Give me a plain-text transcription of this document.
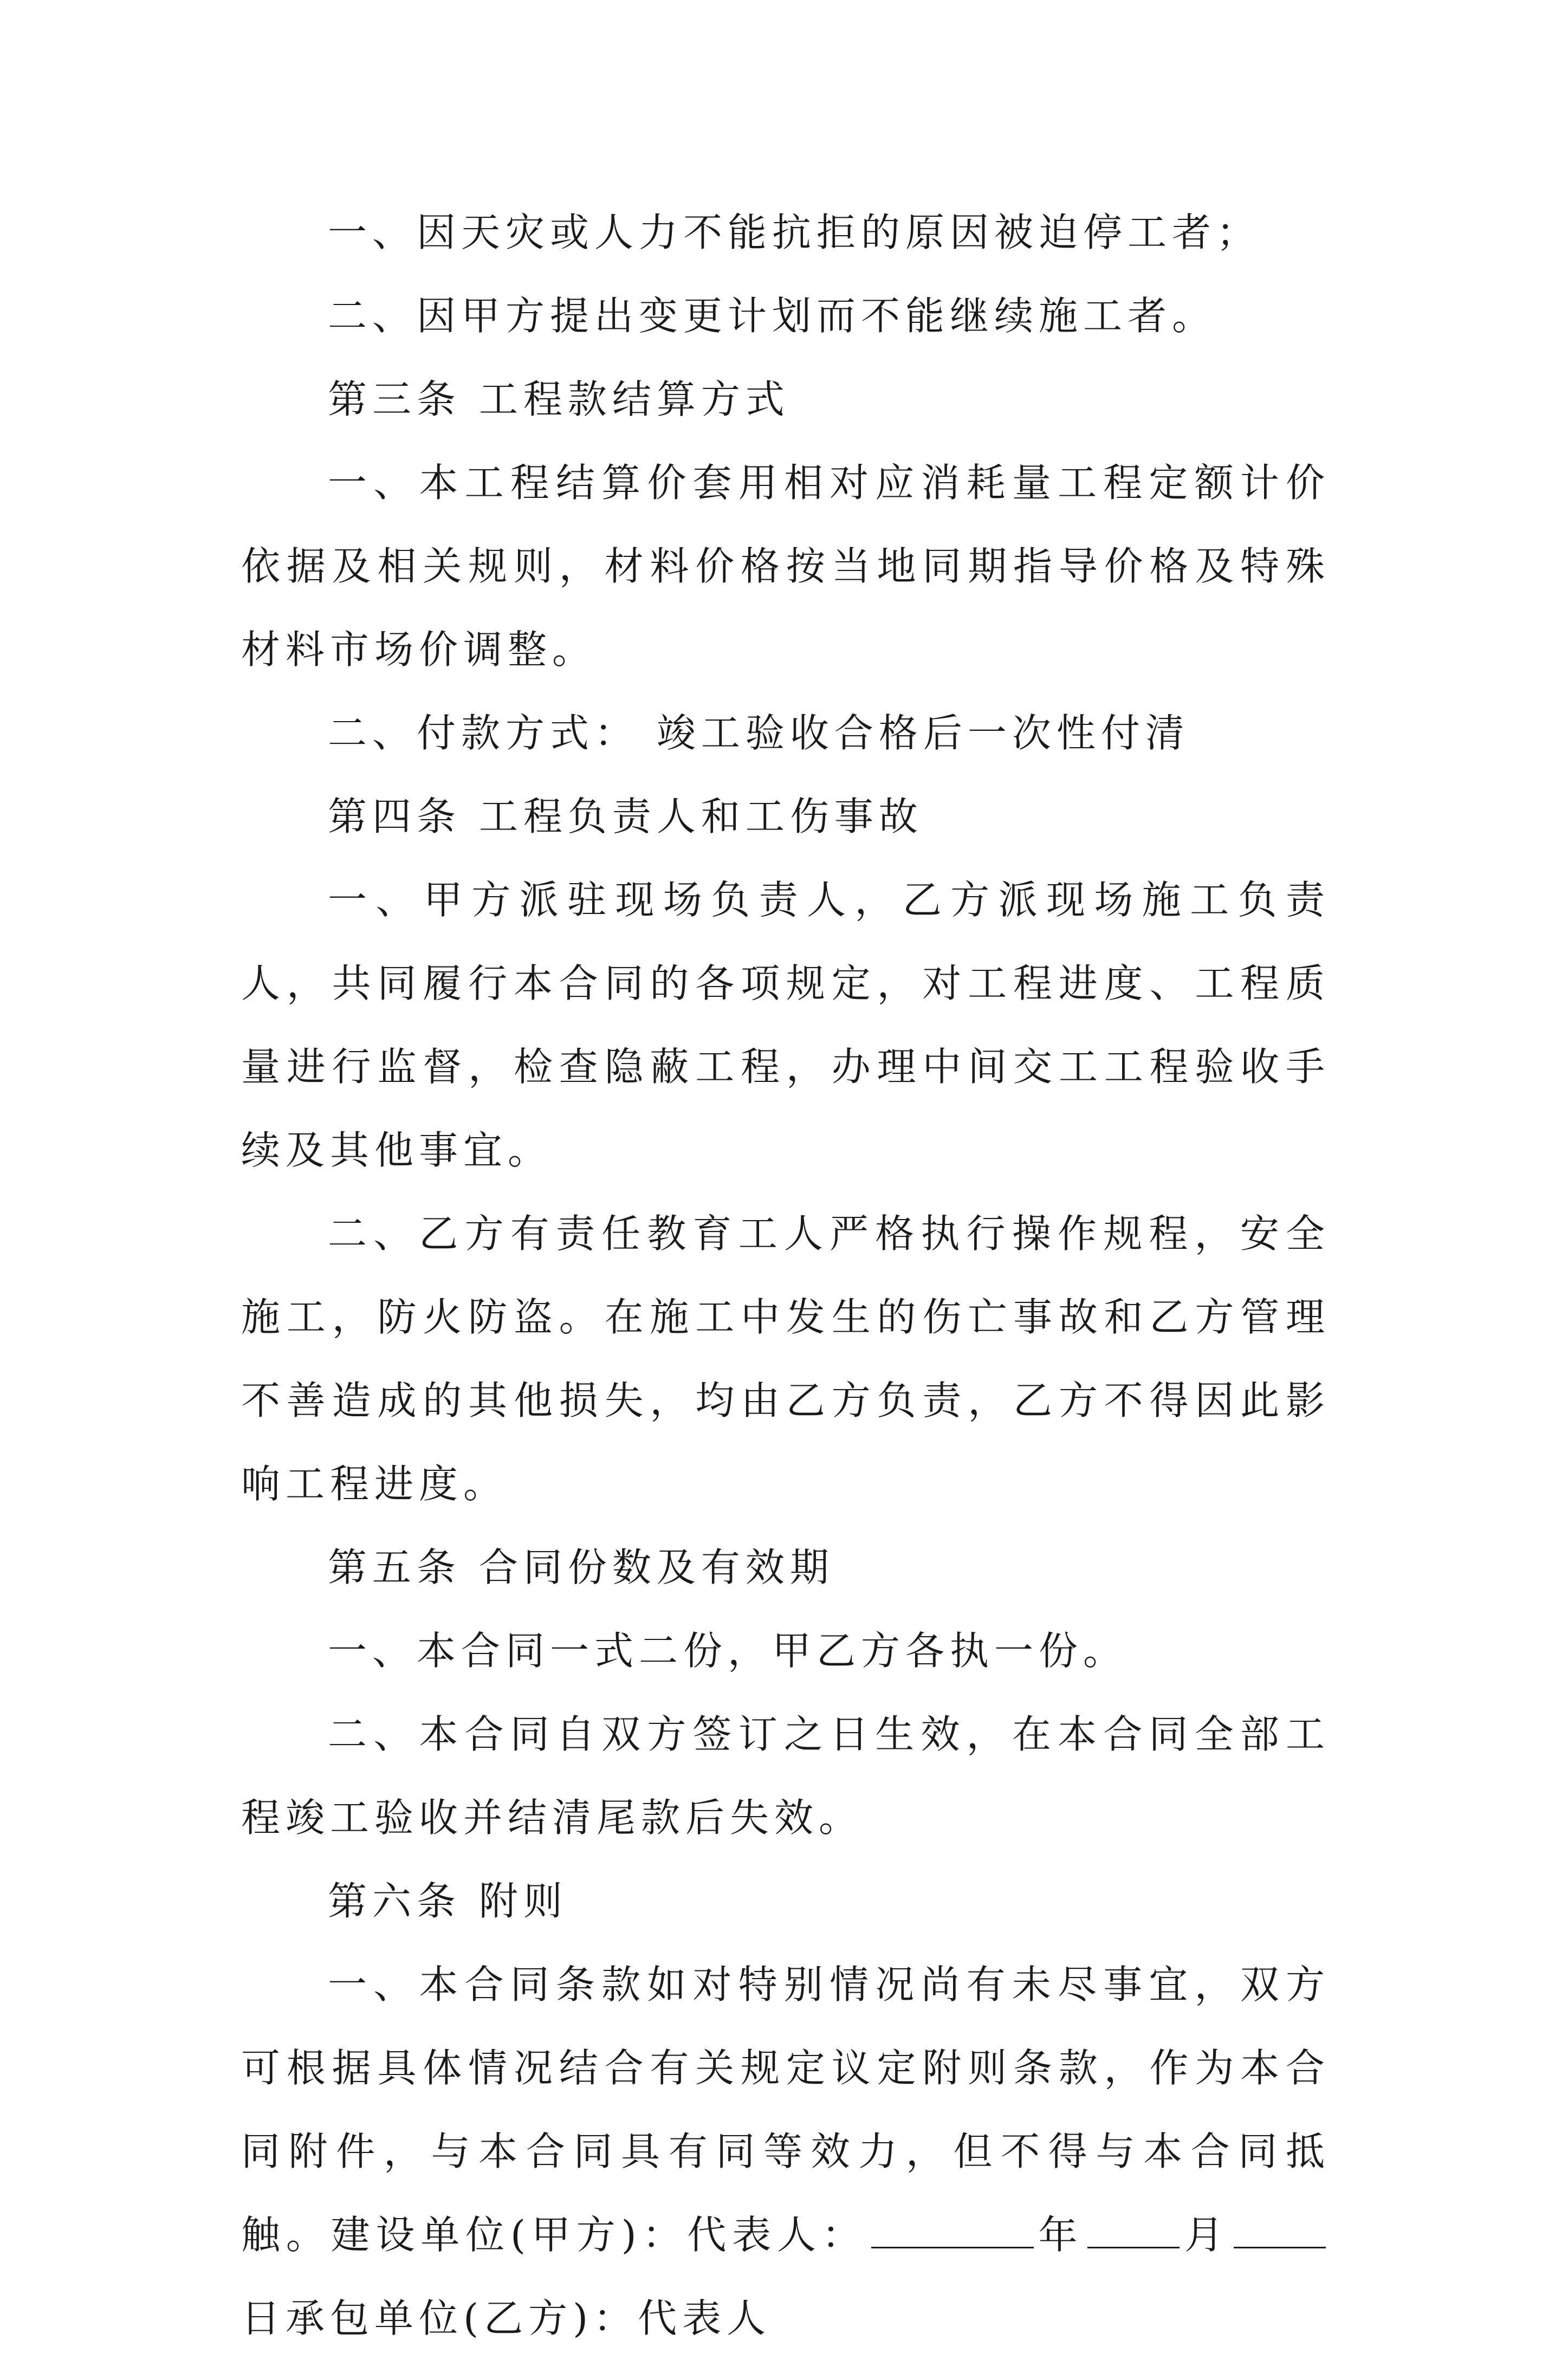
一、因天灾或人力不能抗拒的原因被迫停工者；

二、因甲方提出变更计划而不能继续施工者。

第三条 工程款结算方式

一、本工程结算价套用相对应消耗量工程定额计价依据及相关规则，材料价格按当地同期指导价格及特殊材料市场价调整。

二、付款方式： 竣工验收合格后一次性付清

第四条 工程负责人和工伤事故

一、甲方派驻现场负责人，乙方派现场施工负责人，共同履行本合同的各项规定，对工程进度、工程质量进行监督，检查隐蔽工程，办理中间交工工程验收手续及其他事宜。

二、乙方有责任教育工人严格执行操作规程，安全施工，防火防盗。在施工中发生的伤亡事故和乙方管理不善造成的其他损失，均由乙方负责，乙方不得因此影响工程进度。

第五条 合同份数及有效期

一、本合同一式二份，甲乙方各执一份。

二、本合同自双方签订之日生效，在本合同全部工程竣工验收并结清尾款后失效。

第六条 附则

一、本合同条款如对特别情况尚有未尽事宜，双方可根据具体情况结合有关规定议定附则条款，作为本合同附件，与本合同具有同等效力，但不得与本合同抵触。建设单位(甲方)：代表人：	年	月日承包单位(乙方)：代表人
